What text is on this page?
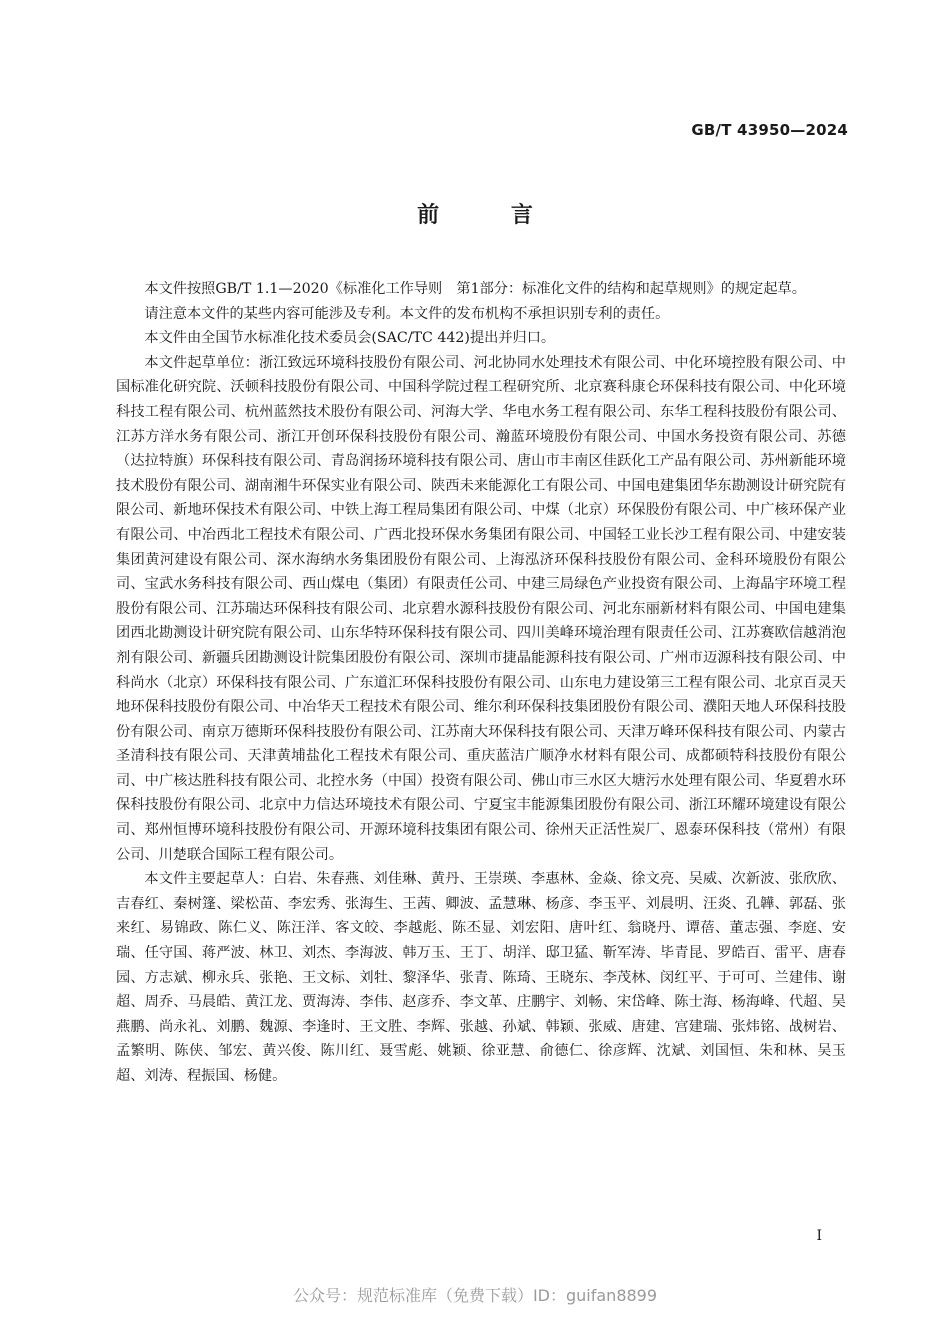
GB/T 43950—2024
前 言

本文件按照GB/T 1.1—2020《标准化工作导则　第1部分：标准化文件的结构和起草规则》的规定起草。

请注意本文件的某些内容可能涉及专利。本文件的发布机构不承担识别专利的责任。

本文件由全国节水标准化技术委员会(SAC/TC 442)提出并归口。

本文件起草单位：浙江致远环境科技股份有限公司、河北协同水处理技术有限公司、中化环境控股有限公司、中国标准化研究院、沃顿科技股份有限公司、中国科学院过程工程研究所、北京赛科康仑环保科技有限公司、中化环境科技工程有限公司、杭州蓝然技术股份有限公司、河海大学、华电水务工程有限公司、东华工程科技股份有限公司、江苏方洋水务有限公司、浙江开创环保科技股份有限公司、瀚蓝环境股份有限公司、中国水务投资有限公司、苏德（达拉特旗）环保科技有限公司、青岛润扬环境科技有限公司、唐山市丰南区佳跃化工产品有限公司、苏州新能环境技术股份有限公司、湖南湘牛环保实业有限公司、陕西未来能源化工有限公司、中国电建集团华东勘测设计研究院有限公司、新地环保技术有限公司、中铁上海工程局集团有限公司、中煤（北京）环保股份有限公司、中广核环保产业有限公司、中冶西北工程技术有限公司、广西北投环保水务集团有限公司、中国轻工业长沙工程有限公司、中建安装集团黄河建设有限公司、深水海纳水务集团股份有限公司、上海泓济环保科技股份有限公司、金科环境股份有限公司、宝武水务科技有限公司、西山煤电（集团）有限责任公司、中建三局绿色产业投资有限公司、上海晶宇环境工程股份有限公司、江苏瑞达环保科技有限公司、北京碧水源科技股份有限公司、河北东丽新材料有限公司、中国电建集团西北勘测设计研究院有限公司、山东华特环保科技有限公司、四川美峰环境治理有限责任公司、江苏赛欧信越消泡剂有限公司、新疆兵团勘测设计院集团股份有限公司、深圳市捷晶能源科技有限公司、广州市迈源科技有限公司、中科尚水（北京）环保科技有限公司、广东道汇环保科技股份有限公司、山东电力建设第三工程有限公司、北京百灵天地环保科技股份有限公司、中冶华天工程技术有限公司、维尔利环保科技集团股份有限公司、濮阳天地人环保科技股份有限公司、南京万德斯环保科技股份有限公司、江苏南大环保科技有限公司、天津万峰环保科技有限公司、内蒙古圣清科技有限公司、天津黄埔盐化工程技术有限公司、重庆蓝洁广顺净水材料有限公司、成都硕特科技股份有限公司、中广核达胜科技有限公司、北控水务（中国）投资有限公司、佛山市三水区大塘污水处理有限公司、华夏碧水环保科技股份有限公司、北京中力信达环境技术有限公司、宁夏宝丰能源集团股份有限公司、浙江环耀环境建设有限公司、郑州恒博环境科技股份有限公司、开源环境科技集团有限公司、徐州天正活性炭厂、恩泰环保科技（常州）有限公司、川楚联合国际工程有限公司。

本文件主要起草人：白岩、朱春燕、刘佳琳、黄丹、王崇瑛、李惠林、金焱、徐文亮、吴威、次新波、张欣欣、吉春红、秦树篷、梁松苗、李宏秀、张海生、王茜、卿波、孟慧琳、杨彦、李玉平、刘晨明、汪炎、孔韡、郭磊、张来红、易锦政、陈仁义、陈汪洋、客文皎、李越彪、陈丕显、刘宏阳、唐叶红、翁晓丹、谭蓓、董志强、李庭、安瑞、任守国、蒋严波、林卫、刘杰、李海波、韩万玉、王丁、胡洋、邸卫猛、靳军涛、毕青昆、罗皓百、雷平、唐春园、方志斌、柳永兵、张艳、王文标、刘牡、黎泽华、张青、陈琦、王晓东、李茂林、闵红平、于可可、兰建伟、谢超、周乔、马晨皓、黄江龙、贾海涛、李伟、赵彦乔、李文革、庄鹏宇、刘畅、宋岱峰、陈士海、杨海峰、代超、吴燕鹏、尚永礼、刘鹏、魏源、李逢时、王文胜、李辉、张越、孙斌、韩颖、张威、唐建、宫建瑞、张炜铭、战树岩、孟繁明、陈侠、邹宏、黄兴俊、陈川红、聂雪彪、姚颖、徐亚慧、俞德仁、徐彦辉、沈斌、刘国恒、朱和林、吴玉超、刘涛、程振国、杨健。

I
公众号：规范标准库（免费下载）ID：guifan8899
